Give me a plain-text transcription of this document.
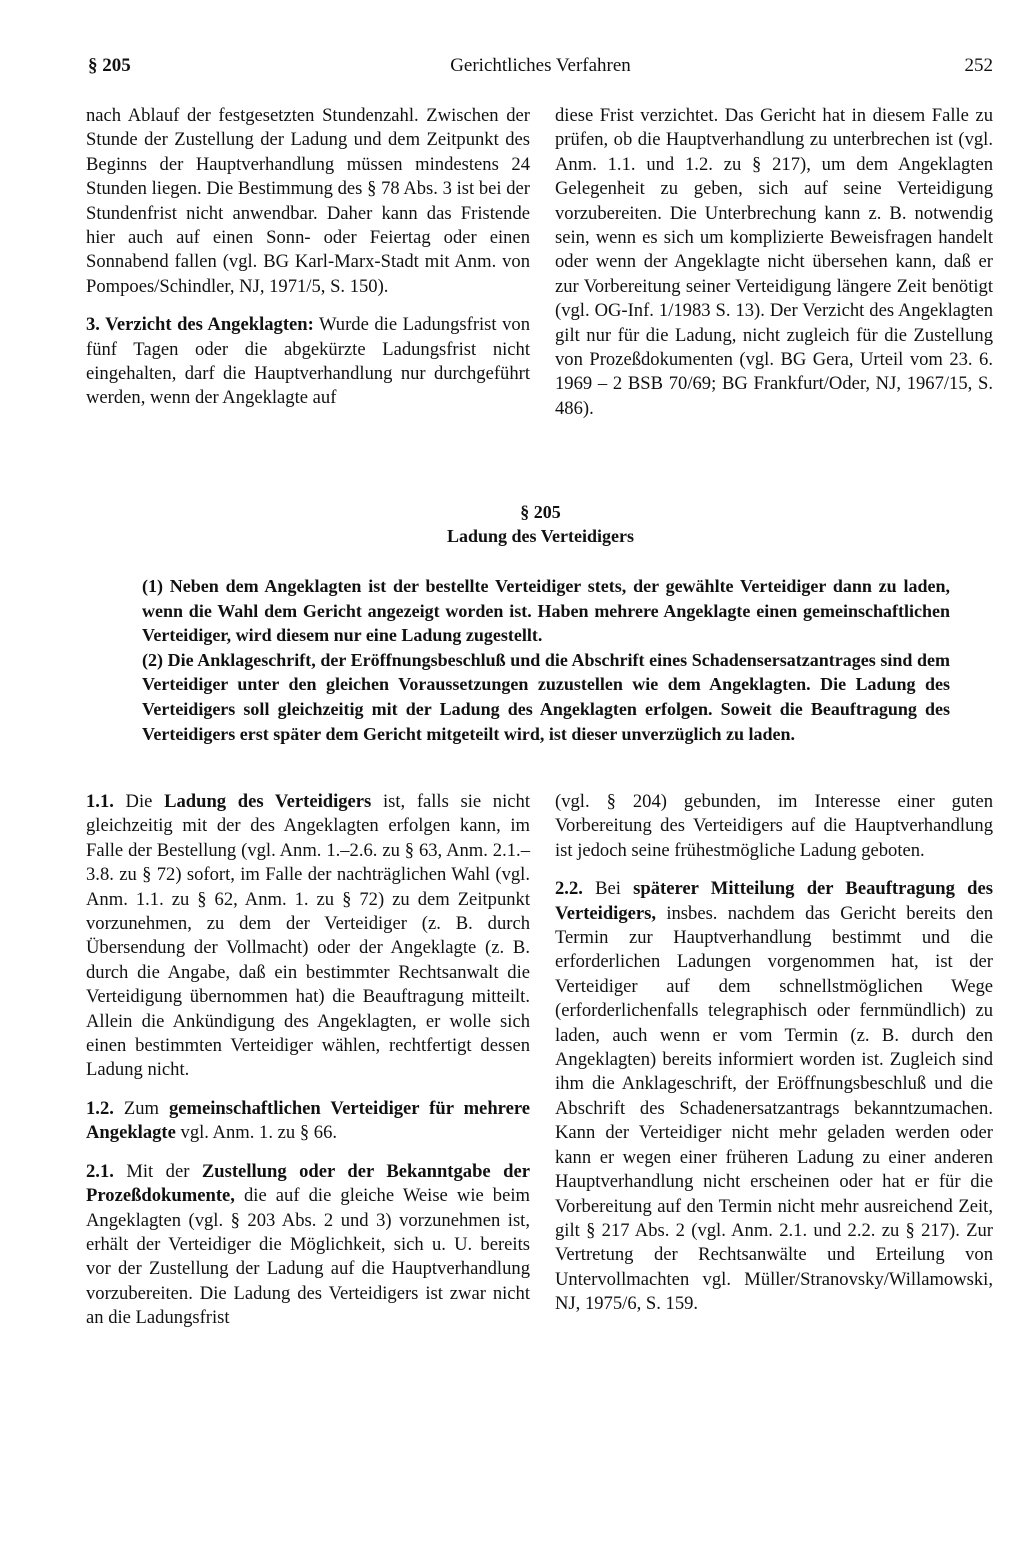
§ 205	Gerichtliches Verfahren	252

nach Ablauf der festgesetzten Stundenzahl. Zwischen der Stunde der Zustellung der Ladung und dem Zeitpunkt des Beginns der Hauptverhandlung müssen mindestens 24 Stunden liegen. Die Bestimmung des § 78 Abs. 3 ist bei der Stundenfrist nicht anwendbar. Daher kann das Fristende hier auch auf einen Sonn- oder Feiertag oder einen Sonnabend fallen (vgl. BG Karl-Marx-Stadt mit Anm. von Pompoes/Schindler, NJ, 1971/5, S. 150).

3. Verzicht des Angeklagten: Wurde die Ladungsfrist von fünf Tagen oder die abgekürzte Ladungsfrist nicht eingehalten, darf die Hauptverhandlung nur durchgeführt werden, wenn der Angeklagte auf

diese Frist verzichtet. Das Gericht hat in diesem Falle zu prüfen, ob die Hauptverhandlung zu unterbrechen ist (vgl. Anm. 1.1. und 1.2. zu § 217), um dem Angeklagten Gelegenheit zu geben, sich auf seine Verteidigung vorzubereiten. Die Unterbrechung kann z. B. notwendig sein, wenn es sich um komplizierte Beweisfragen handelt oder wenn der Angeklagte nicht übersehen kann, daß er zur Vorbereitung seiner Verteidigung längere Zeit benötigt (vgl. OG-Inf. 1/1983 S. 13). Der Verzicht des Angeklagten gilt nur für die Ladung, nicht zugleich für die Zustellung von Prozeßdokumenten (vgl. BG Gera, Urteil vom 23. 6. 1969 – 2 BSB 70/69; BG Frankfurt/Oder, NJ, 1967/15, S. 486).

§ 205
Ladung des Verteidigers

(1) Neben dem Angeklagten ist der bestellte Verteidiger stets, der gewählte Verteidiger dann zu laden, wenn die Wahl dem Gericht angezeigt worden ist. Haben mehrere Angeklagte einen gemeinschaftlichen Verteidiger, wird diesem nur eine Ladung zugestellt.

(2) Die Anklageschrift, der Eröffnungsbeschluß und die Abschrift eines Schadensersatzantrages sind dem Verteidiger unter den gleichen Voraussetzungen zuzustellen wie dem Angeklagten. Die Ladung des Verteidigers soll gleichzeitig mit der Ladung des Angeklagten erfolgen. Soweit die Beauftragung des Verteidigers erst später dem Gericht mitgeteilt wird, ist dieser unverzüglich zu laden.

1.1. Die Ladung des Verteidigers ist, falls sie nicht gleichzeitig mit der des Angeklagten erfolgen kann, im Falle der Bestellung (vgl. Anm. 1.–2.6. zu § 63, Anm. 2.1.–3.8. zu § 72) sofort, im Falle der nachträglichen Wahl (vgl. Anm. 1.1. zu § 62, Anm. 1. zu § 72) zu dem Zeitpunkt vorzunehmen, zu dem der Verteidiger (z. B. durch Übersendung der Vollmacht) oder der Angeklagte (z. B. durch die Angabe, daß ein bestimmter Rechtsanwalt die Verteidigung übernommen hat) die Beauftragung mitteilt. Allein die Ankündigung des Angeklagten, er wolle sich einen bestimmten Verteidiger wählen, rechtfertigt dessen Ladung nicht.

1.2. Zum gemeinschaftlichen Verteidiger für mehrere Angeklagte vgl. Anm. 1. zu § 66.

2.1. Mit der Zustellung oder der Bekanntgabe der Prozeßdokumente, die auf die gleiche Weise wie beim Angeklagten (vgl. § 203 Abs. 2 und 3) vorzunehmen ist, erhält der Verteidiger die Möglichkeit, sich u. U. bereits vor der Zustellung der Ladung auf die Hauptverhandlung vorzubereiten. Die Ladung des Verteidigers ist zwar nicht an die Ladungsfrist

(vgl. § 204) gebunden, im Interesse einer guten Vorbereitung des Verteidigers auf die Hauptverhandlung ist jedoch seine frühestmögliche Ladung geboten.

2.2. Bei späterer Mitteilung der Beauftragung des Verteidigers, insbes. nachdem das Gericht bereits den Termin zur Hauptverhandlung bestimmt und die erforderlichen Ladungen vorgenommen hat, ist der Verteidiger auf dem schnellstmöglichen Wege (erforderlichenfalls telegraphisch oder fernmündlich) zu laden, auch wenn er vom Termin (z. B. durch den Angeklagten) bereits informiert worden ist. Zugleich sind ihm die Anklageschrift, der Eröffnungsbeschluß und die Abschrift des Schadenersatzantrags bekanntzumachen. Kann der Verteidiger nicht mehr geladen werden oder kann er wegen einer früheren Ladung zu einer anderen Hauptverhandlung nicht erscheinen oder hat er für die Vorbereitung auf den Termin nicht mehr ausreichend Zeit, gilt § 217 Abs. 2 (vgl. Anm. 2.1. und 2.2. zu § 217). Zur Vertretung der Rechtsanwälte und Erteilung von Untervollmachten vgl. Müller/Stranovsky/Willamowski, NJ, 1975/6, S. 159.
